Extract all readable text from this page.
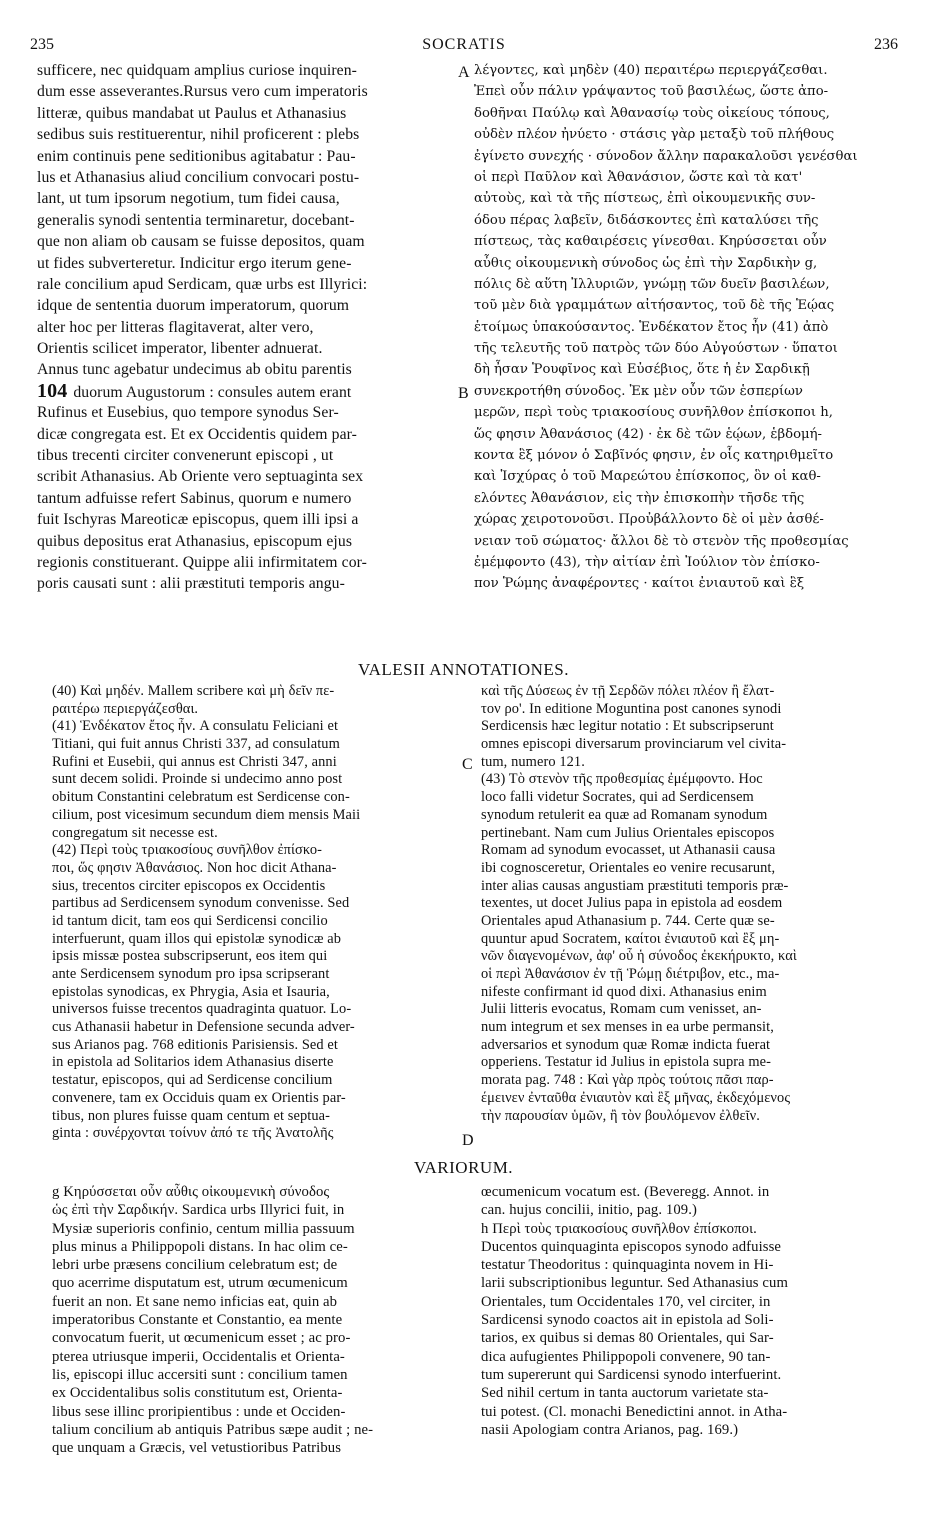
235	SOCRATIS	236
sufficere, nec quidquam amplius curiose inquiren-
dum esse asseverantes.Rursus vero cum imperatoris
litteræ, quibus mandabat ut Paulus et Athanasius
sedibus suis restituerentur, nihil proficerent : plebs
enim continuis pene seditionibus agitabatur : Pau-
lus et Athanasius aliud concilium convocari postu-
lant, ut tum ipsorum negotium, tum fidei causa,
generalis synodi sententia terminaretur, docebant-
que non aliam ob causam se fuisse depositos, quam
ut fides subverteretur. Indicitur ergo iterum gene-
rale concilium apud Serdicam, quæ urbs est Illyrici:
idque de sententia duorum imperatorum, quorum
alter hoc per litteras flagitaverat, alter vero,
Orientis scilicet imperator, libenter adnuerat.
Annus tunc agebatur undecimus ab obitu parentis
104 duorum Augustorum : consules autem erant
Rufinus et Eusebius, quo tempore synodus Ser-
dicæ congregata est. Et ex Occidentis quidem par-
tibus trecenti circiter convenerunt episcopi , ut
scribit Athanasius. Ab Oriente vero septuaginta sex
tantum adfuisse refert Sabinus, quorum e numero
fuit Ischyras Mareoticæ episcopus, quem illi ipsi a
quibus depositus erat Athanasius, episcopum ejus
regionis constituerant. Quippe alii infirmitatem cor-
poris causati sunt : alii præstituti temporis angu-
λέγοντες, καὶ μηδὲν (40) περαιτέρω περιεργάζεσθαι.
Ἐπεὶ οὖν πάλιν γράψαντος τοῦ βασιλέως, ὥστε ἀπο-
δοθῆναι Παύλῳ καὶ Ἀθανασίῳ τοὺς οἰκείους τόπους,
οὐδὲν πλέον ἠνύετο · στάσις γὰρ μεταξὺ τοῦ πλήθους
ἐγίνετο συνεχής · σύνοδον ἄλλην παρακαλοῦσι γενέσθαι
οἱ περὶ Παῦλον καὶ Ἀθανάσιον, ὥστε καὶ τὰ κατ'
αὐτοὺς, καὶ τὰ τῆς πίστεως, ἐπὶ οἰκουμενικῆς συν-
όδου πέρας λαβεῖν, διδάσκοντες ἐπὶ καταλύσει τῆς
πίστεως, τὰς καθαιρέσεις γίνεσθαι. Κηρύσσεται οὖν
αὖθις οἰκουμενικὴ σύνοδος ὡς ἐπὶ τὴν Σαρδικὴν g,
πόλις δὲ αὕτη Ἰλλυριῶν, γνώμῃ τῶν δυεῖν βασιλέων,
τοῦ μὲν διὰ γραμμάτων αἰτήσαντος, τοῦ δὲ τῆς Ἑῴας
ἑτοίμως ὑπακούσαντος. Ἑνδέκατον ἔτος ἦν (41) ἀπὸ
τῆς τελευτῆς τοῦ πατρὸς τῶν δύο Αὐγούστων · ὕπατοι
δὴ ἦσαν Ῥουφῖνος καὶ Εὐσέβιος, ὅτε ἡ ἐν Σαρδικῇ
συνεκροτήθη σύνοδος. Ἐκ μὲν οὖν τῶν ἑσπερίων
μερῶν, περὶ τοὺς τριακοσίους συνῆλθον ἐπίσκοποι h,
ὥς φησιν Ἀθανάσιος (42) · ἐκ δὲ τῶν ἑῴων, ἑβδομή-
κοντα ἓξ μόνον ὁ Σαβῖνός φησιν, ἐν οἷς κατηριθμεῖτο
καὶ Ἰσχύρας ὁ τοῦ Μαρεώτου ἐπίσκοπος, ὃν οἱ καθ-
ελόντες Ἀθανάσιον, εἰς τὴν ἐπισκοπὴν τῆσδε τῆς
χώρας χειροτονοῦσι. Προὐβάλλοντο δὲ οἱ μὲν ἀσθέ-
νειαν τοῦ σώματος· ἄλλοι δὲ τὸ στενὸν τῆς προθεσμίας
ἐμέμφοντο (43), τὴν αἰτίαν ἐπὶ Ἰούλιον τὸν ἐπίσκο-
πον Ῥώμης ἀναφέροντες · καίτοι ἐνιαυτοῦ καὶ ἓξ
A
B
VALESII ANNOTATIONES.
(40) Καὶ μηδέν. Mallem scribere καὶ μὴ δεῖν πε-
ραιτέρω περιεργάζεσθαι.
(41) Ἑνδέκατον ἔτος ἦν. A consulatu Feliciani et
Titiani, qui fuit annus Christi 337, ad consulatum
Rufini et Eusebii, qui annus est Christi 347, anni
sunt decem solidi. Proinde si undecimo anno post
obitum Constantini celebratum est Serdicense con-
cilium, post vicesimum secundum diem mensis Maii
congregatum sit necesse est.
(42) Περὶ τοὺς τριακοσίους συνῆλθον ἐπίσκο-
ποι, ὥς φησιν Ἀθανάσιος. Non hoc dicit Athana-
sius, trecentos circiter episcopos ex Occidentis
partibus ad Serdicensem synodum convenisse. Sed
id tantum dicit, tam eos qui Serdicensi concilio
interfuerunt, quam illos qui epistolæ synodicæ ab
ipsis missæ postea subscripserunt, eos item qui
ante Serdicensem synodum pro ipsa scripserant
epistolas synodicas, ex Phrygia, Asia et Isauria,
universos fuisse trecentos quadraginta quatuor. Lo-
cus Athanasii habetur in Defensione secunda adver-
sus Arianos pag. 768 editionis Parisiensis. Sed et
in epistola ad Solitarios idem Athanasius diserte
testatur, episcopos, qui ad Serdicense concilium
convenere, tam ex Occiduis quam ex Orientis par-
tibus, non plures fuisse quam centum et septua-
ginta : συνέρχονται τοίνυν ἀπό τε τῆς Ἀνατολῆς
καὶ τῆς Δύσεως ἐν τῇ Σερδῶν πόλει πλέον ἢ ἔλατ-
τον ρο'. In editione Moguntina post canones synodi
Serdicensis hæc legitur notatio : Et subscripserunt
omnes episcopi diversarum provinciarum vel civita-
tum, numero 121.
(43) Τὸ στενὸν τῆς προθεσμίας ἐμέμφοντο. Hoc
loco falli videtur Socrates, qui ad Serdicensem
synodum retulerit ea quæ ad Romanam synodum
pertinebant. Nam cum Julius Orientales episcopos
Romam ad synodum evocasset, ut Athanasii causa
ibi cognosceretur, Orientales eo venire recusarunt,
inter alias causas angustiam præstituti temporis præ-
texentes, ut docet Julius papa in epistola ad eosdem
Orientales apud Athanasium p. 744. Certe quæ se-
quuntur apud Socratem, καίτοι ἐνιαυτοῦ καὶ ἓξ μη-
νῶν διαγενομένων, ἀφ' οὗ ἡ σύνοδος ἐκεκήρυκτο, καὶ
οἱ περὶ Ἀθανάσιον ἐν τῇ Ῥώμῃ διέτριβον, etc., ma-
nifeste confirmant id quod dixi. Athanasius enim
Julii litteris evocatus, Romam cum venisset, an-
num integrum et sex menses in ea urbe permansit,
adversarios et synodum quæ Romæ indicta fuerat
opperiens. Testatur id Julius in epistola supra me-
morata pag. 748 : Καὶ γὰρ πρὸς τούτοις πᾶσι παρ-
έμεινεν ἐνταῦθα ἐνιαυτὸν καὶ ἓξ μῆνας, ἐκδεχόμενος
τὴν παρουσίαν ὑμῶν, ἢ τὸν βουλόμενον ἐλθεῖν.
C
D
VARIORUM.
g Κηρύσσεται οὖν αὖθις οἰκουμενικὴ σύνοδος
ὡς ἐπὶ τὴν Σαρδικήν. Sardica urbs Illyrici fuit, in
Mysiæ superioris confinio, centum millia passuum
plus minus a Philippopoli distans. In hac olim ce-
lebri urbe præsens concilium celebratum est; de
quo acerrime disputatum est, utrum œcumenicum
fuerit an non. Et sane nemo inficias eat, quin ab
imperatoribus Constante et Constantio, ea mente
convocatum fuerit, ut œcumenicum esset ; ac pro-
pterea utriusque imperii, Occidentalis et Orienta-
lis, episcopi illuc accersiti sunt : concilium tamen
ex Occidentalibus solis constitutum est, Orienta-
libus sese illinc proripientibus : unde et Occiden-
talium concilium ab antiquis Patribus sæpe audit ; ne-
que unquam a Græcis, vel vetustioribus Patribus
œcumenicum vocatum est. (Beveregg. Annot. in
can. hujus concilii, initio, pag. 109.)
h Περὶ τοὺς τριακοσίους συνῆλθον ἐπίσκοποι.
Ducentos quinquaginta episcopos synodo adfuisse
testatur Theodoritus : quinquaginta novem in Hi-
larii subscriptionibus leguntur. Sed Athanasius cum
Orientales, tum Occidentales 170, vel circiter, in
Sardicensi synodo coactos ait in epistola ad Soli-
tarios, ex quibus si demas 80 Orientales, qui Sar-
dica aufugientes Philippopoli convenere, 90 tan-
tum supererunt qui Sardicensi synodo interfuerint.
Sed nihil certum in tanta auctorum varietate sta-
tui potest. (Cl. monachi Benedictini annot. in Atha-
nasii Apologiam contra Arianos, pag. 169.)
